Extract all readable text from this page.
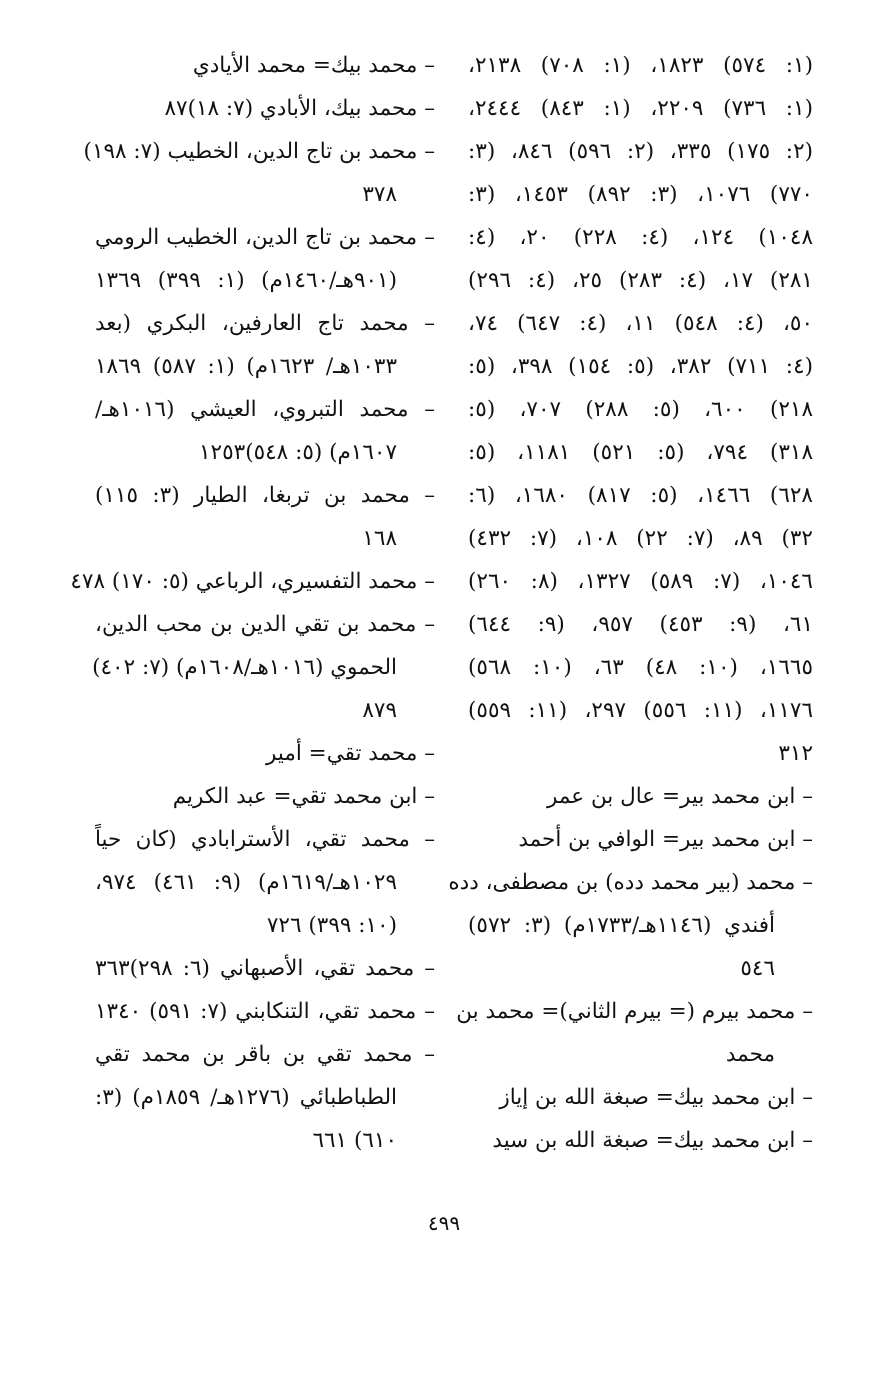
(١: ٥٧٤) ١٨٢٣، (١: ٧٠٨) ٢١٣٨،
(١: ٧٣٦) ٢٢٠٩، (١: ٨٤٣) ٢٤٤٤،
(٢: ١٧٥) ٣٣٥، (٢: ٥٩٦) ٨٤٦، (٣:
٧٧٠) ١٠٧٦، (٣: ٨٩٢) ١٤٥٣، (٣:
١٠٤٨) ١٢٤، (٤: ٢٢٨) ٢٠، (٤:
٢٨١) ١٧، (٤: ٢٨٣) ٢٥، (٤: ٢٩٦)
٥٠، (٤: ٥٤٨) ١١، (٤: ٦٤٧) ٧٤،
(٤: ٧١١) ٣٨٢، (٥: ١٥٤) ٣٩٨، (٥:
٢١٨) ٦٠٠، (٥: ٢٨٨) ٧٠٧، (٥:
٣١٨) ٧٩٤، (٥: ٥٢١) ١١٨١، (٥:
٦٢٨) ١٤٦٦، (٥: ٨١٧) ١٦٨٠، (٦:
٣٢) ٨٩، (٧: ٢٢) ١٠٨، (٧: ٤٣٢)
١٠٤٦، (٧: ٥٨٩) ١٣٢٧، (٨: ٢٦٠)
٦١، (٩: ٤٥٣) ٩٥٧، (٩: ٦٤٤)
١٦٦٥، (١٠: ٤٨) ٦٣، (١٠: ٥٦٨)
١١٧٦، (١١: ٥٥٦) ٢٩٧، (١١: ٥٥٩)
٣١٢
– ابن محمد بير= عال بن عمر
– ابن محمد بير= الوافي بن أحمد
– محمد (بير محمد دده) بن مصطفى، دده
أفندي (١١٤٦هـ/١٧٣٣م) (٣: ٥٧٢)
٥٤٦
– محمد بيرم (= بيرم الثاني)= محمد بن
محمد
– ابن محمد بيك= صبغة الله بن إياز
– ابن محمد بيك= صبغة الله بن سيد
– محمد بيك= محمد الأيادي
– محمد بيك، الأبادي (٧: ١٨)٨٧
– محمد بن تاج الدين، الخطيب (٧: ١٩٨)
٣٧٨
– محمد بن تاج الدين، الخطيب الرومي
(٩٠١هـ/١٤٦٠م) (١: ٣٩٩) ١٣٦٩
– محمد تاج العارفين، البكري (بعد
١٠٣٣هـ/ ١٦٢٣م) (١: ٥٨٧) ١٨٦٩
– محمد التبروي، العيشي (١٠١٦هـ/
١٦٠٧م) (٥: ٥٤٨)١٢٥٣
– محمد بن تربغا، الطيار (٣: ١١٥)
١٦٨
– محمد التفسيري، الرباعي (٥: ١٧٠) ٤٧٨
– محمد بن تقي الدين بن محب الدين،
الحموي (١٠١٦هـ/١٦٠٨م) (٧: ٤٠٢)
٨٧٩
– محمد تقي= أمير
– ابن محمد تقي= عبد الكريم
– محمد تقي، الأسترابادي (كان حياً
١٠٢٩هـ/١٦١٩م) (٩: ٤٦١) ٩٧٤،
(١٠: ٣٩٩) ٧٢٦
– محمد تقي، الأصبهاني (٦: ٢٩٨)٣٦٣
– محمد تقي، التنكابني (٧: ٥٩١) ١٣٤٠
– محمد تقي بن باقر بن محمد تقي
الطباطبائي (١٢٧٦هـ/ ١٨٥٩م) (٣:
٦١٠) ٦٦١
٤٩٩
